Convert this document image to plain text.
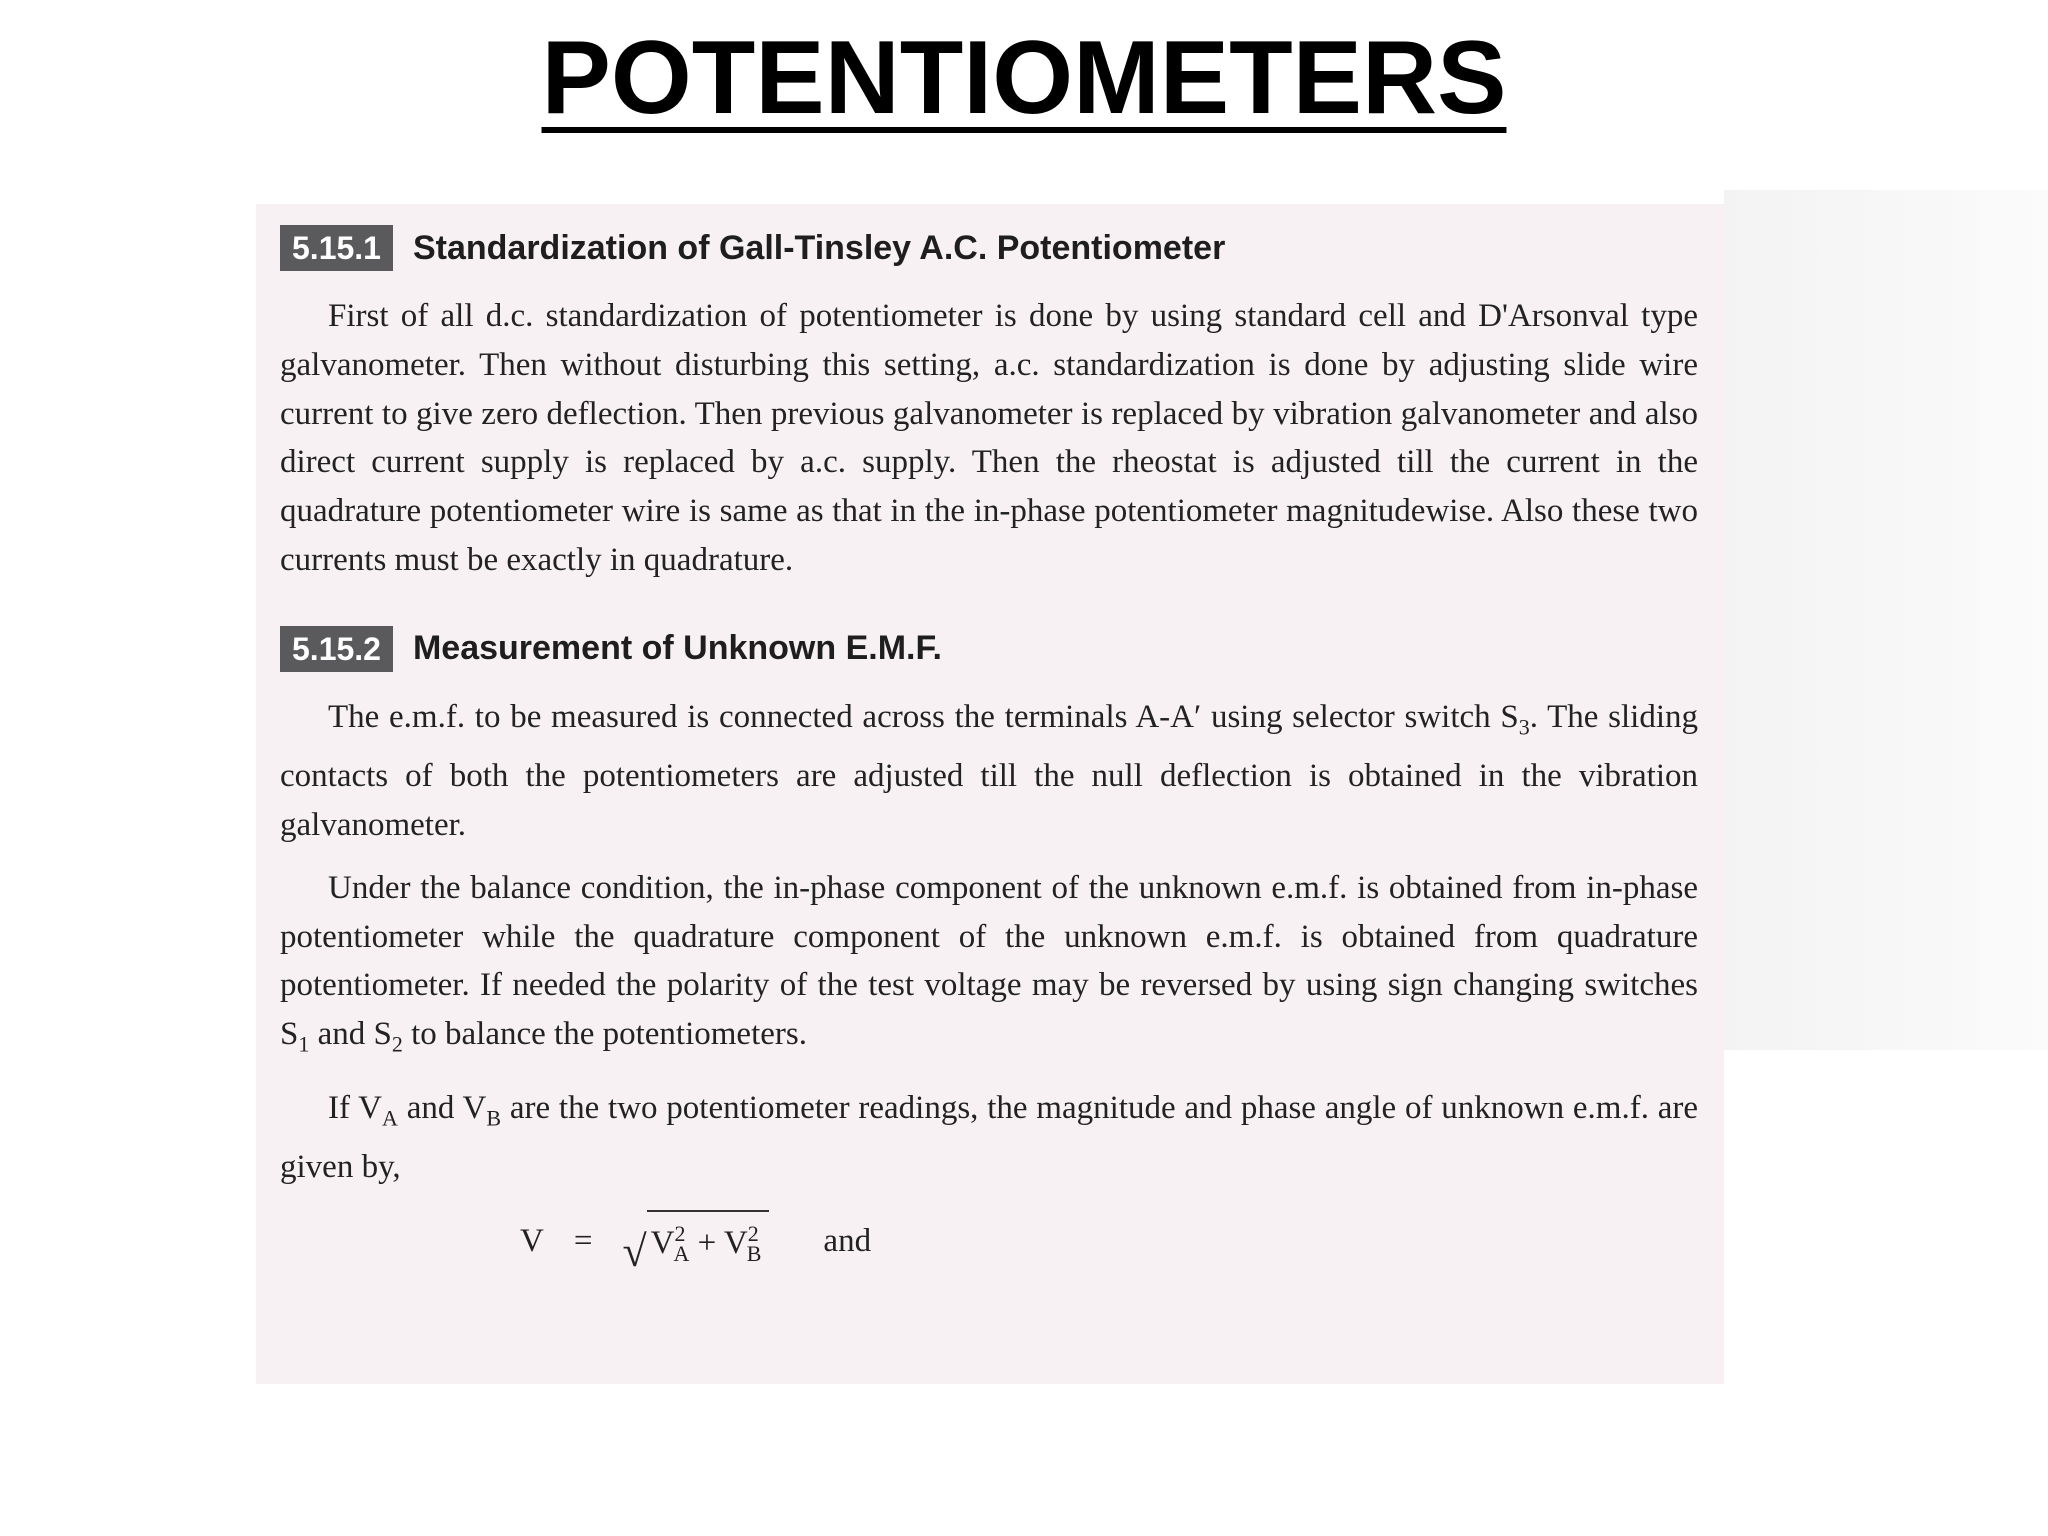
POTENTIOMETERS
5.15.1 Standardization of Gall-Tinsley A.C. Potentiometer

First of all d.c. standardization of potentiometer is done by using standard cell and D'Arsonval type galvanometer. Then without disturbing this setting, a.c. standardization is done by adjusting slide wire current to give zero deflection. Then previous galvanometer is replaced by vibration galvanometer and also direct current supply is replaced by a.c. supply. Then the rheostat is adjusted till the current in the quadrature potentiometer wire is same as that in the in-phase potentiometer magnitudewise. Also these two currents must be exactly in quadrature.

5.15.2 Measurement of Unknown E.M.F.

The e.m.f. to be measured is connected across the terminals A-A′ using selector switch $S_3$. The sliding contacts of both the potentiometers are adjusted till the null deflection is obtained in the vibration galvanometer.

Under the balance condition, the in-phase component of the unknown e.m.f. is obtained from in-phase potentiometer while the quadrature component of the unknown e.m.f. is obtained from quadrature potentiometer. If needed the polarity of the test voltage may be reversed by using sign changing switches $S_1$ and $S_2$ to balance the potentiometers.

If $V_A$ and $V_B$ are the two potentiometer readings, the magnitude and phase angle of unknown e.m.f. are given by,

V = √ $V^2_A + V^2_B$ and
